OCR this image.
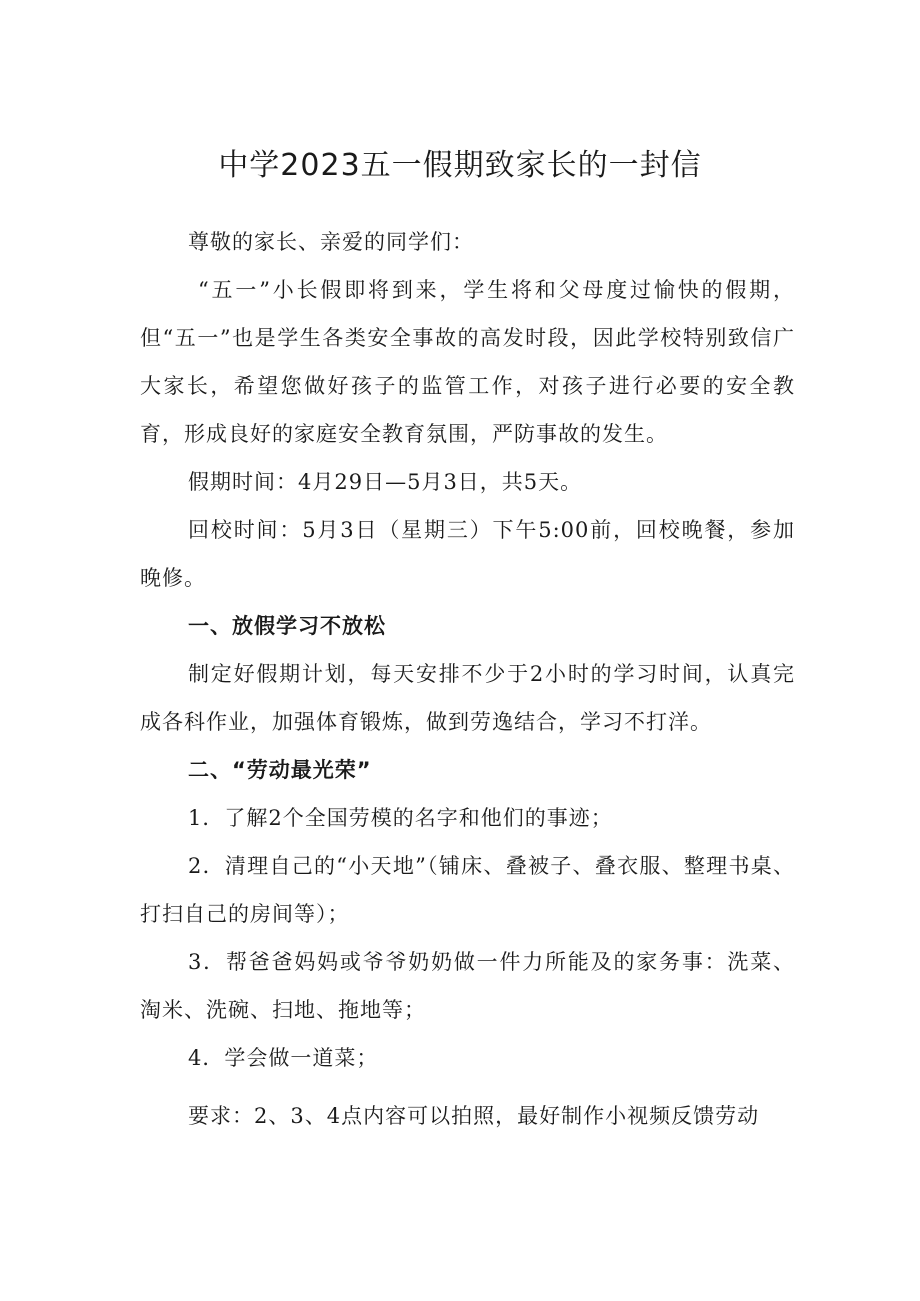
中学2023五一假期致家长的一封信

尊敬的家长、亲爱的同学们：

“五一”小长假即将到来，学生将和父母度过愉快的假期，但“五一”也是学生各类安全事故的高发时段，因此学校特别致信广大家长，希望您做好孩子的监管工作，对孩子进行必要的安全教育，形成良好的家庭安全教育氛围，严防事故的发生。

假期时间：4月29日—5月3日，共5天。

回校时间：5月3日（星期三）下午5:00前，回校晚餐，参加晚修。

一、放假学习不放松

制定好假期计划，每天安排不少于2小时的学习时间，认真完成各科作业，加强体育锻炼，做到劳逸结合，学习不打洋。

二、“劳动最光荣”

1．了解2个全国劳模的名字和他们的事迹；

2．清理自己的“小天地”（铺床、叠被子、叠衣服、整理书桌、打扫自己的房间等）；

3．帮爸爸妈妈或爷爷奶奶做一件力所能及的家务事：洗菜、淘米、洗碗、扫地、拖地等；

4．学会做一道菜；

要求：2、3、4点内容可以拍照，最好制作小视频反馈劳动
